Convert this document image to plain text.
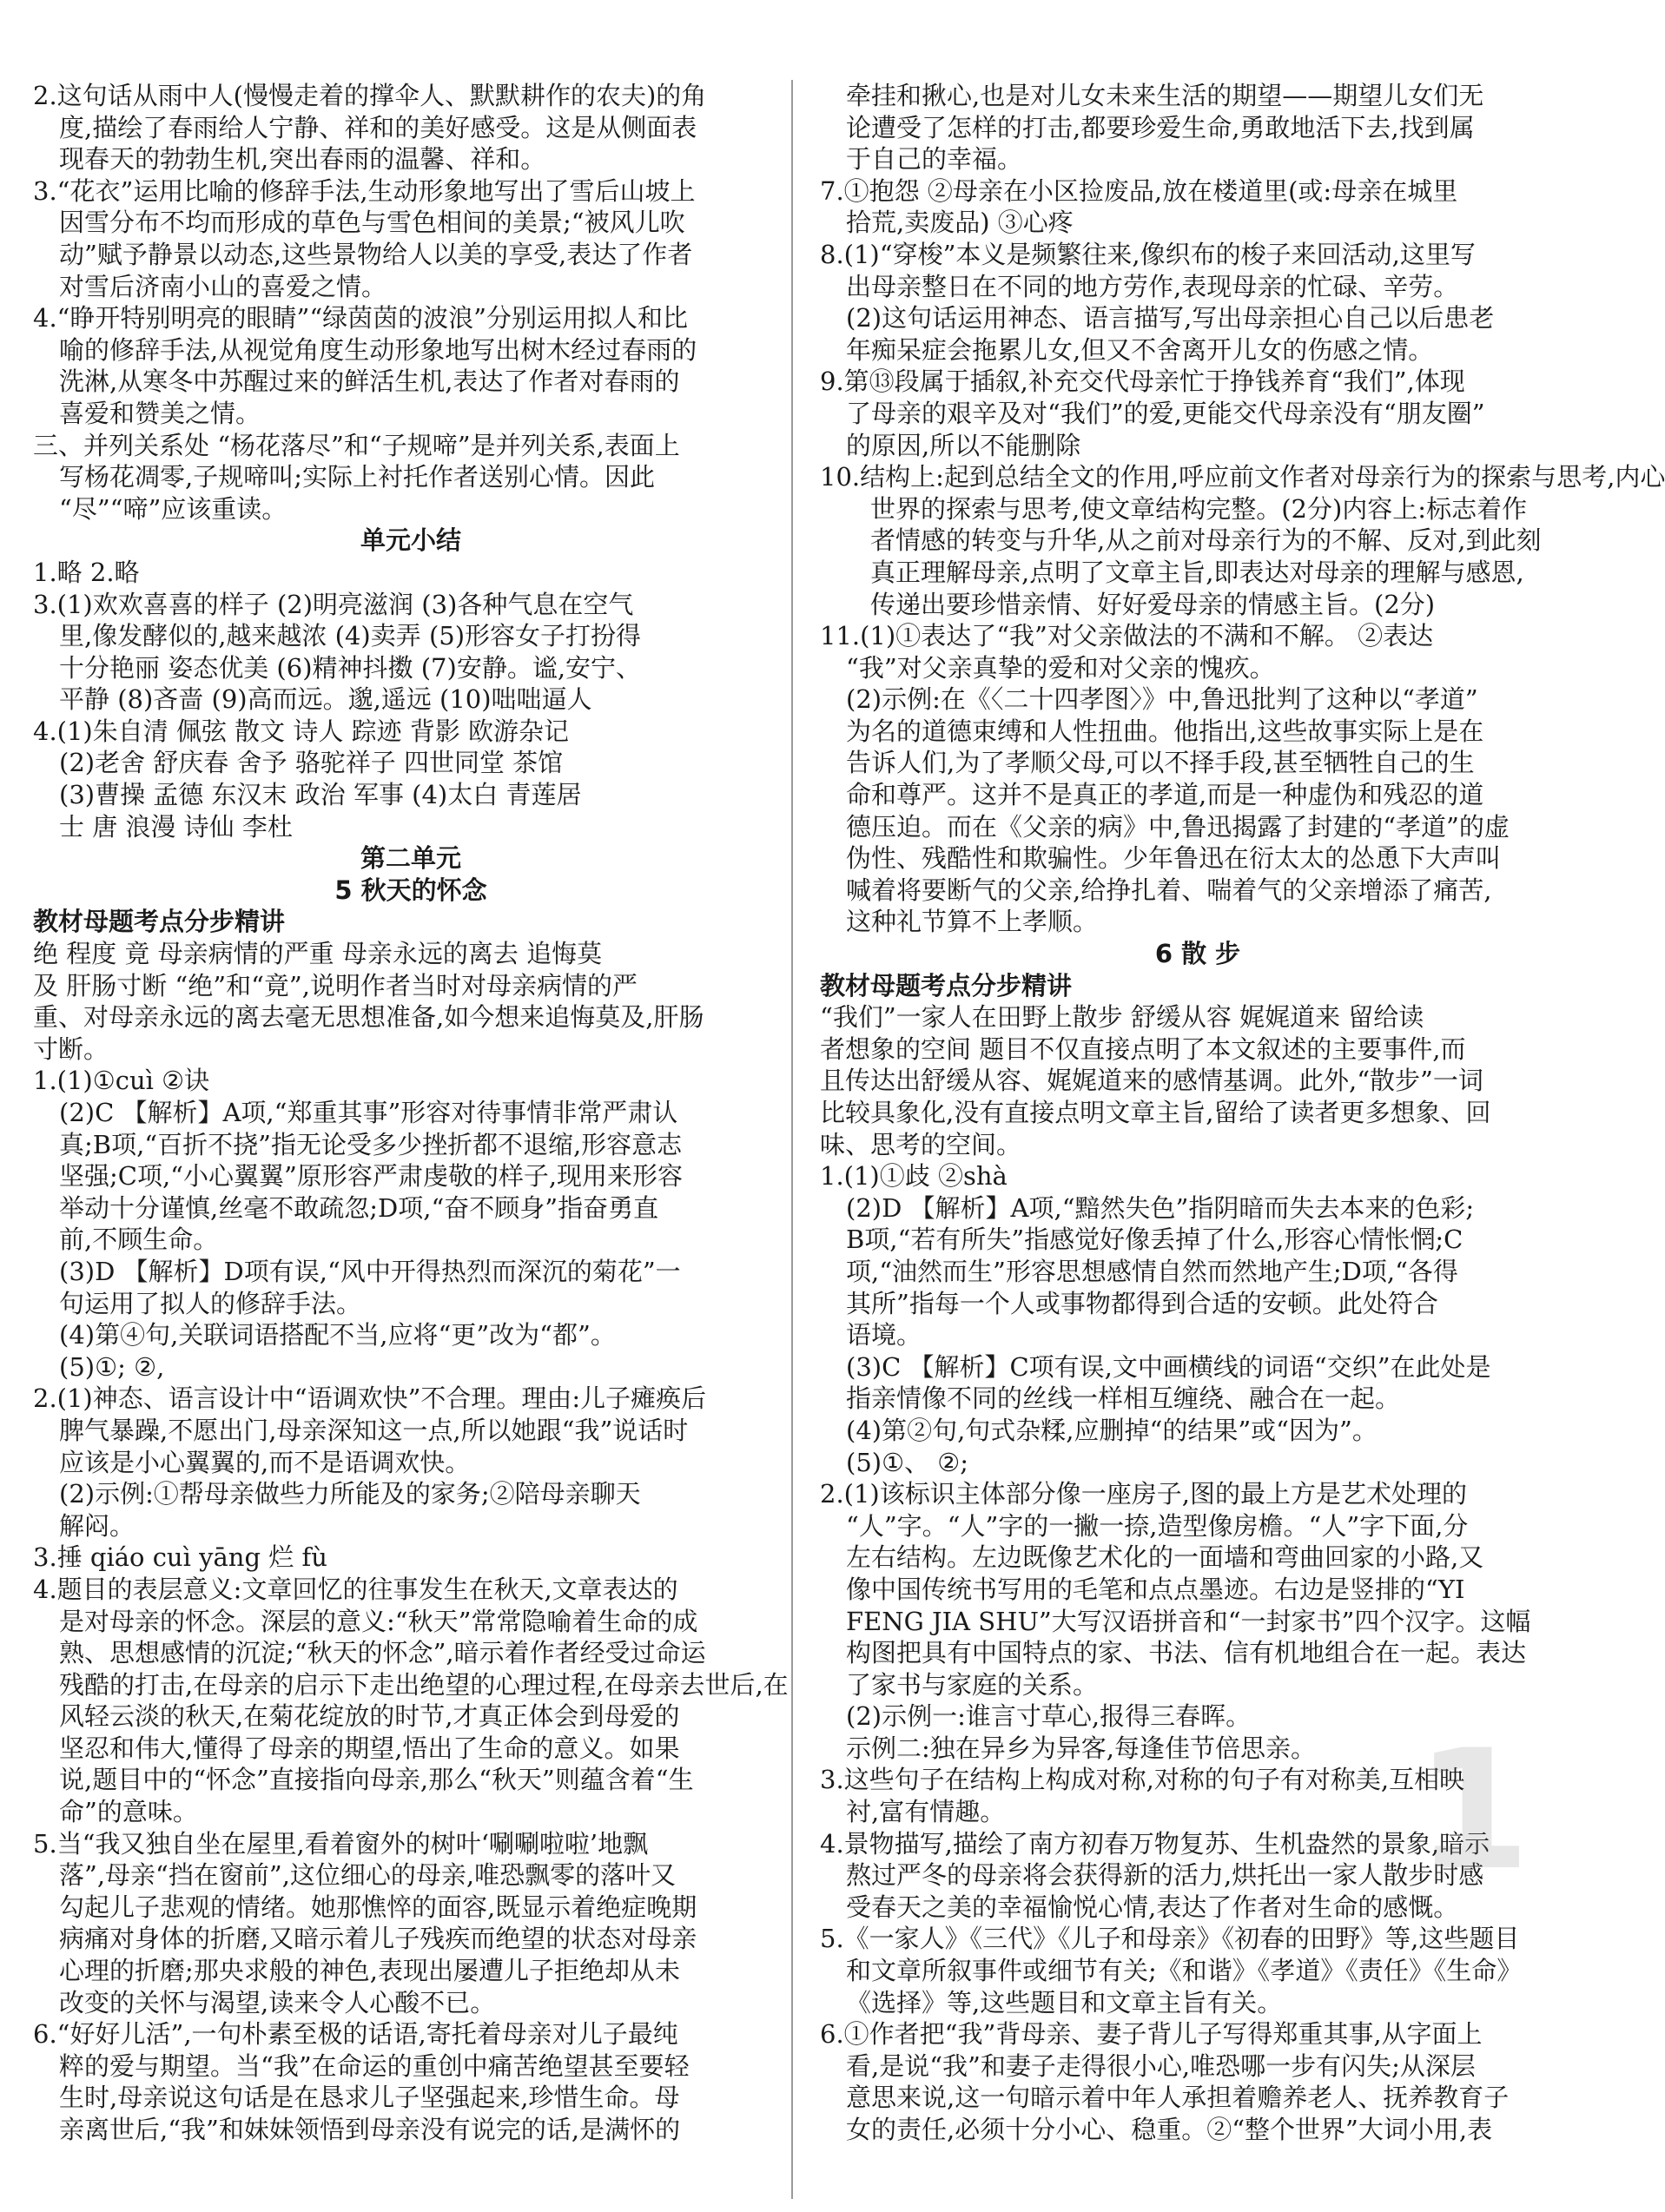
2.这句话从雨中人(慢慢走着的撑伞人、默默耕作的农夫)的角
度,描绘了春雨给人宁静、祥和的美好感受。这是从侧面表
现春天的勃勃生机,突出春雨的温馨、祥和。
3.“花衣”运用比喻的修辞手法,生动形象地写出了雪后山坡上
因雪分布不均而形成的草色与雪色相间的美景;“被风儿吹
动”赋予静景以动态,这些景物给人以美的享受,表达了作者
对雪后济南小山的喜爱之情。
4.“睁开特别明亮的眼睛”“绿茵茵的波浪”分别运用拟人和比
喻的修辞手法,从视觉角度生动形象地写出树木经过春雨的
洗淋,从寒冬中苏醒过来的鲜活生机,表达了作者对春雨的
喜爱和赞美之情。
三、并列关系处 “杨花落尽”和“子规啼”是并列关系,表面上
写杨花凋零,子规啼叫;实际上衬托作者送别心情。因此
“尽”“啼”应该重读。
单元小结
1.略 2.略
3.(1)欢欢喜喜的样子 (2)明亮滋润 (3)各种气息在空气
里,像发酵似的,越来越浓 (4)卖弄 (5)形容女子打扮得
十分艳丽 姿态优美 (6)精神抖擞 (7)安静。谧,安宁、
平静 (8)吝啬 (9)高而远。邈,遥远 (10)咄咄逼人
4.(1)朱自清 佩弦 散文 诗人 踪迹 背影 欧游杂记
(2)老舍 舒庆春 舍予 骆驼祥子 四世同堂 茶馆
(3)曹操 孟德 东汉末 政治 军事 (4)太白 青莲居
士 唐 浪漫 诗仙 李杜
第二单元
5 秋天的怀念
教材母题考点分步精讲
绝 程度 竟 母亲病情的严重 母亲永远的离去 追悔莫
及 肝肠寸断 “绝”和“竟”,说明作者当时对母亲病情的严
重、对母亲永远的离去毫无思想准备,如今想来追悔莫及,肝肠
寸断。
1.(1)①cuì ②诀
(2)C 【解析】A项,“郑重其事”形容对待事情非常严肃认
真;B项,“百折不挠”指无论受多少挫折都不退缩,形容意志
坚强;C项,“小心翼翼”原形容严肃虔敬的样子,现用来形容
举动十分谨慎,丝毫不敢疏忽;D项,“奋不顾身”指奋勇直
前,不顾生命。
(3)D 【解析】D项有误,“风中开得热烈而深沉的菊花”一
句运用了拟人的修辞手法。
(4)第④句,关联词语搭配不当,应将“更”改为“都”。
(5)①; ②,
2.(1)神态、语言设计中“语调欢快”不合理。理由:儿子瘫痪后
脾气暴躁,不愿出门,母亲深知这一点,所以她跟“我”说话时
应该是小心翼翼的,而不是语调欢快。
(2)示例:①帮母亲做些力所能及的家务;②陪母亲聊天
解闷。
3.捶 qiáo cuì yāng 烂 fù
4.题目的表层意义:文章回忆的往事发生在秋天,文章表达的
是对母亲的怀念。深层的意义:“秋天”常常隐喻着生命的成
熟、思想感情的沉淀;“秋天的怀念”,暗示着作者经受过命运
残酷的打击,在母亲的启示下走出绝望的心理过程,在母亲去世后,在
风轻云淡的秋天,在菊花绽放的时节,才真正体会到母爱的
坚忍和伟大,懂得了母亲的期望,悟出了生命的意义。如果
说,题目中的“怀念”直接指向母亲,那么“秋天”则蕴含着“生
命”的意味。
5.当“我又独自坐在屋里,看着窗外的树叶‘唰唰啦啦’地飘
落”,母亲“挡在窗前”,这位细心的母亲,唯恐飘零的落叶又
勾起儿子悲观的情绪。她那憔悴的面容,既显示着绝症晚期
病痛对身体的折磨,又暗示着儿子残疾而绝望的状态对母亲
心理的折磨;那央求般的神色,表现出屡遭儿子拒绝却从未
改变的关怀与渴望,读来令人心酸不已。
6.“好好儿活”,一句朴素至极的话语,寄托着母亲对儿子最纯
粹的爱与期望。当“我”在命运的重创中痛苦绝望甚至要轻
生时,母亲说这句话是在恳求儿子坚强起来,珍惜生命。母
亲离世后,“我”和妹妹领悟到母亲没有说完的话,是满怀的
牵挂和揪心,也是对儿女未来生活的期望——期望儿女们无
论遭受了怎样的打击,都要珍爱生命,勇敢地活下去,找到属
于自己的幸福。
7.①抱怨 ②母亲在小区捡废品,放在楼道里(或:母亲在城里
拾荒,卖废品) ③心疼
8.(1)“穿梭”本义是频繁往来,像织布的梭子来回活动,这里写
出母亲整日在不同的地方劳作,表现母亲的忙碌、辛劳。
(2)这句话运用神态、语言描写,写出母亲担心自己以后患老
年痴呆症会拖累儿女,但又不舍离开儿女的伤感之情。
9.第⑬段属于插叙,补充交代母亲忙于挣钱养育“我们”,体现
了母亲的艰辛及对“我们”的爱,更能交代母亲没有“朋友圈”
的原因,所以不能删除
10.结构上:起到总结全文的作用,呼应前文作者对母亲行为的探索与思考,内心
世界的探索与思考,使文章结构完整。(2分)内容上:标志着作
者情感的转变与升华,从之前对母亲行为的不解、反对,到此刻
真正理解母亲,点明了文章主旨,即表达对母亲的理解与感恩,
传递出要珍惜亲情、好好爱母亲的情感主旨。(2分)
11.(1)①表达了“我”对父亲做法的不满和不解。 ②表达
“我”对父亲真挚的爱和对父亲的愧疚。
(2)示例:在《〈二十四孝图〉》中,鲁迅批判了这种以“孝道”
为名的道德束缚和人性扭曲。他指出,这些故事实际上是在
告诉人们,为了孝顺父母,可以不择手段,甚至牺牲自己的生
命和尊严。这并不是真正的孝道,而是一种虚伪和残忍的道
德压迫。而在《父亲的病》中,鲁迅揭露了封建的“孝道”的虚
伪性、残酷性和欺骗性。少年鲁迅在衍太太的怂恿下大声叫
喊着将要断气的父亲,给挣扎着、喘着气的父亲增添了痛苦,
这种礼节算不上孝顺。
6 散 步
教材母题考点分步精讲
“我们”一家人在田野上散步 舒缓从容 娓娓道来 留给读
者想象的空间 题目不仅直接点明了本文叙述的主要事件,而
且传达出舒缓从容、娓娓道来的感情基调。此外,“散步”一词
比较具象化,没有直接点明文章主旨,留给了读者更多想象、回
味、思考的空间。
1.(1)①歧 ②shà
(2)D 【解析】A项,“黯然失色”指阴暗而失去本来的色彩;
B项,“若有所失”指感觉好像丢掉了什么,形容心情怅惘;C
项,“油然而生”形容思想感情自然而然地产生;D项,“各得
其所”指每一个人或事物都得到合适的安顿。此处符合
语境。
(3)C 【解析】C项有误,文中画横线的词语“交织”在此处是
指亲情像不同的丝线一样相互缠绕、融合在一起。
(4)第②句,句式杂糅,应删掉“的结果”或“因为”。
(5)①、 ②;
2.(1)该标识主体部分像一座房子,图的最上方是艺术处理的
“人”字。“人”字的一撇一捺,造型像房檐。“人”字下面,分
左右结构。左边既像艺术化的一面墙和弯曲回家的小路,又
像中国传统书写用的毛笔和点点墨迹。右边是竖排的“YI
FENG JIA SHU”大写汉语拼音和“一封家书”四个汉字。这幅
构图把具有中国特点的家、书法、信有机地组合在一起。表达
了家书与家庭的关系。
(2)示例一:谁言寸草心,报得三春晖。
示例二:独在异乡为异客,每逢佳节倍思亲。
3.这些句子在结构上构成对称,对称的句子有对称美,互相映
衬,富有情趣。
4.景物描写,描绘了南方初春万物复苏、生机盎然的景象,暗示
熬过严冬的母亲将会获得新的活力,烘托出一家人散步时感
受春天之美的幸福愉悦心情,表达了作者对生命的感慨。
5.《一家人》《三代》《儿子和母亲》《初春的田野》等,这些题目
和文章所叙事件或细节有关;《和谐》《孝道》《责任》《生命》
《选择》等,这些题目和文章主旨有关。
6.①作者把“我”背母亲、妻子背儿子写得郑重其事,从字面上
看,是说“我”和妻子走得很小心,唯恐哪一步有闪失;从深层
意思来说,这一句暗示着中年人承担着赡养老人、抚养教育子
女的责任,必须十分小心、稳重。②“整个世界”大词小用,表
1
